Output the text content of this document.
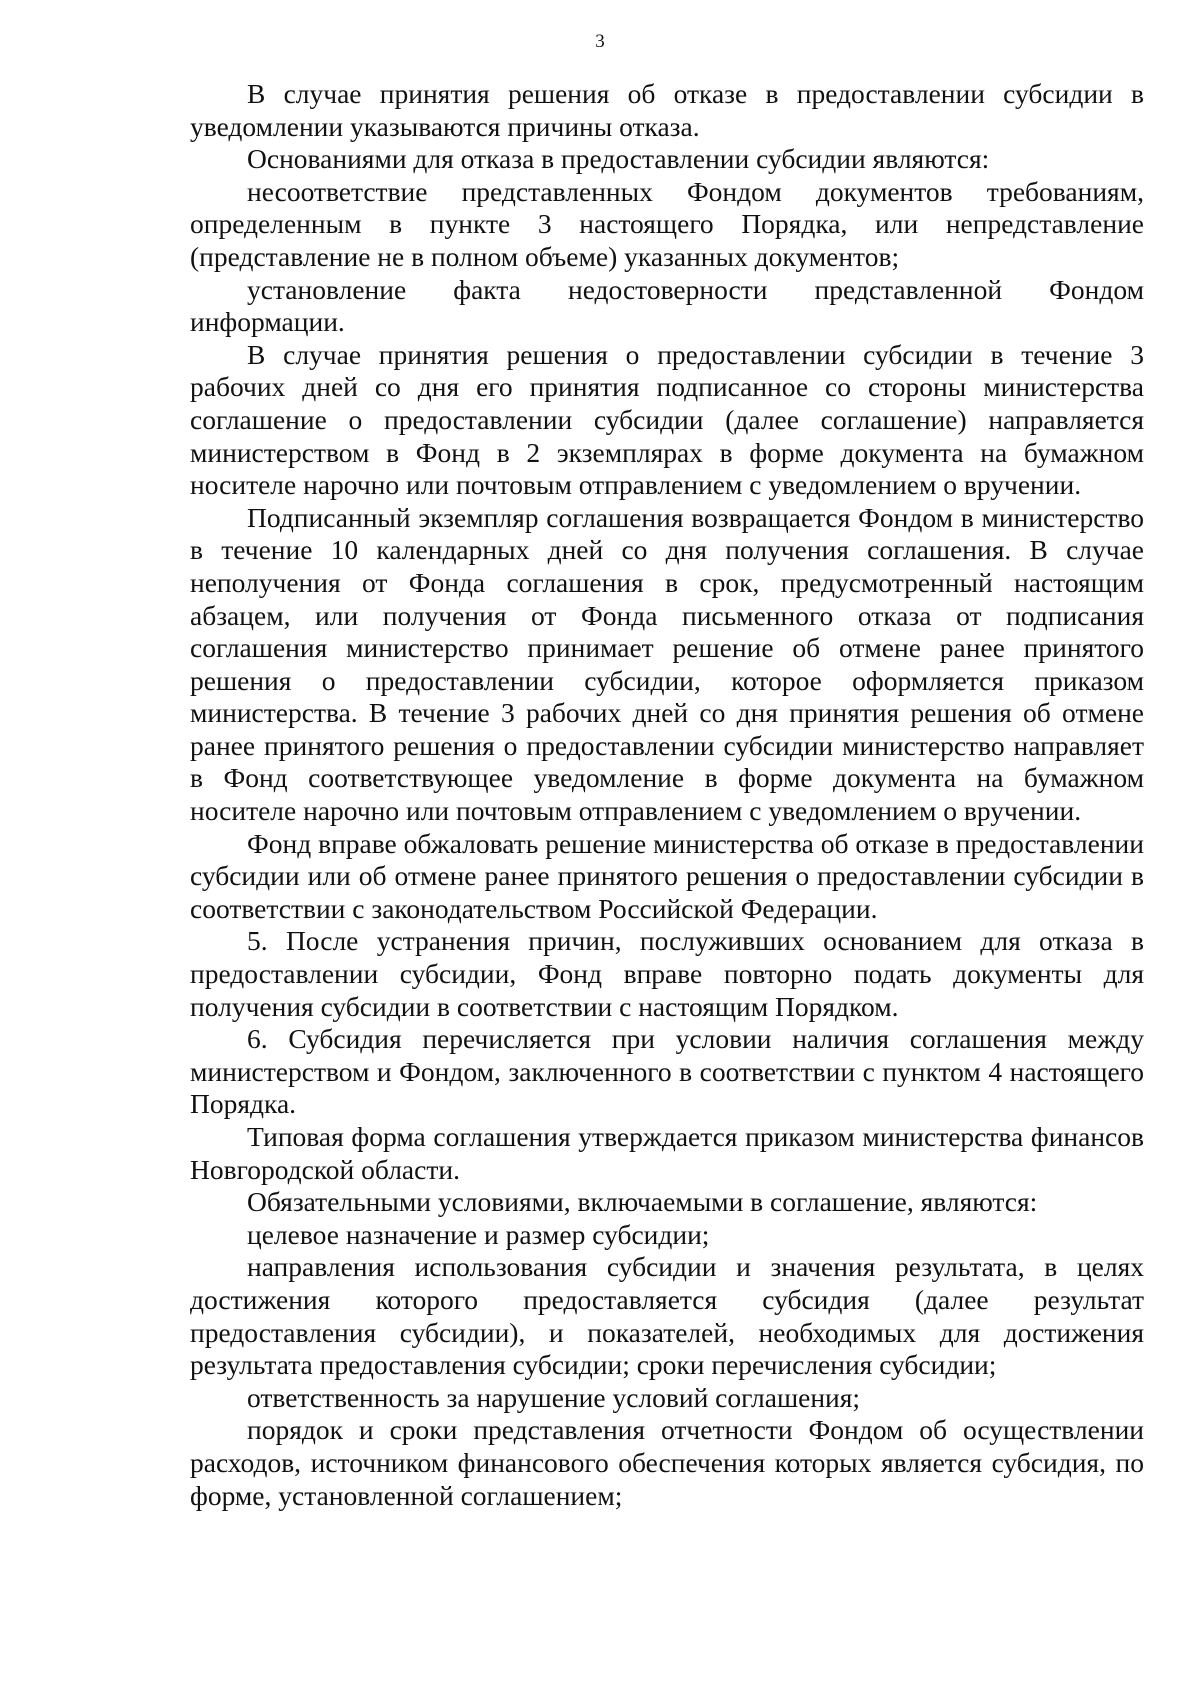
3

В случае принятия решения об отказе в предоставлении субсидии в уведомлении указываются причины отказа.

Основаниями для отказа в предоставлении субсидии являются:

несоответствие представленных Фондом документов требованиям, определенным в пункте 3 настоящего Порядка, или непредставление (представление не в полном объеме) указанных документов;

установление факта недостоверности представленной Фондом информации.

В случае принятия решения о предоставлении субсидии в течение 3 рабочих дней со дня его принятия подписанное со стороны министерства соглашение о предоставлении субсидии (далее соглашение) направляется министерством в Фонд в 2 экземплярах в форме документа на бумажном носителе нарочно или почтовым отправлением с уведомлением о вручении.

Подписанный экземпляр соглашения возвращается Фондом в министерство в течение 10 календарных дней со дня получения соглашения. В случае неполучения от Фонда соглашения в срок, предусмотренный настоящим абзацем, или получения от Фонда письменного отказа от подписания соглашения министерство принимает решение об отмене ранее принятого решения о предоставлении субсидии, которое оформляется приказом министерства. В течение 3 рабочих дней со дня принятия решения об отмене ранее принятого решения о предоставлении субсидии министерство направляет в Фонд соответствующее уведомление в форме документа на бумажном носителе нарочно или почтовым отправлением с уведомлением о вручении.

Фонд вправе обжаловать решение министерства об отказе в предоставлении субсидии или об отмене ранее принятого решения о предоставлении субсидии в соответствии с законодательством Российской Федерации.

5. После устранения причин, послуживших основанием для отказа в предоставлении субсидии, Фонд вправе повторно подать документы для получения субсидии в соответствии с настоящим Порядком.

6. Субсидия перечисляется при условии наличия соглашения между министерством и Фондом, заключенного в соответствии с пунктом 4 настоящего Порядка.

Типовая форма соглашения утверждается приказом министерства финансов Новгородской области.

Обязательными условиями, включаемыми в соглашение, являются:

целевое назначение и размер субсидии;

направления использования субсидии и значения результата, в целях достижения которого предоставляется субсидия (далее результат предоставления субсидии), и показателей, необходимых для достижения результата предоставления субсидии; сроки перечисления субсидии;

ответственность за нарушение условий соглашения;

порядок и сроки представления отчетности Фондом об осуществлении расходов, источником финансового обеспечения которых является субсидия, по форме, установленной соглашением;
